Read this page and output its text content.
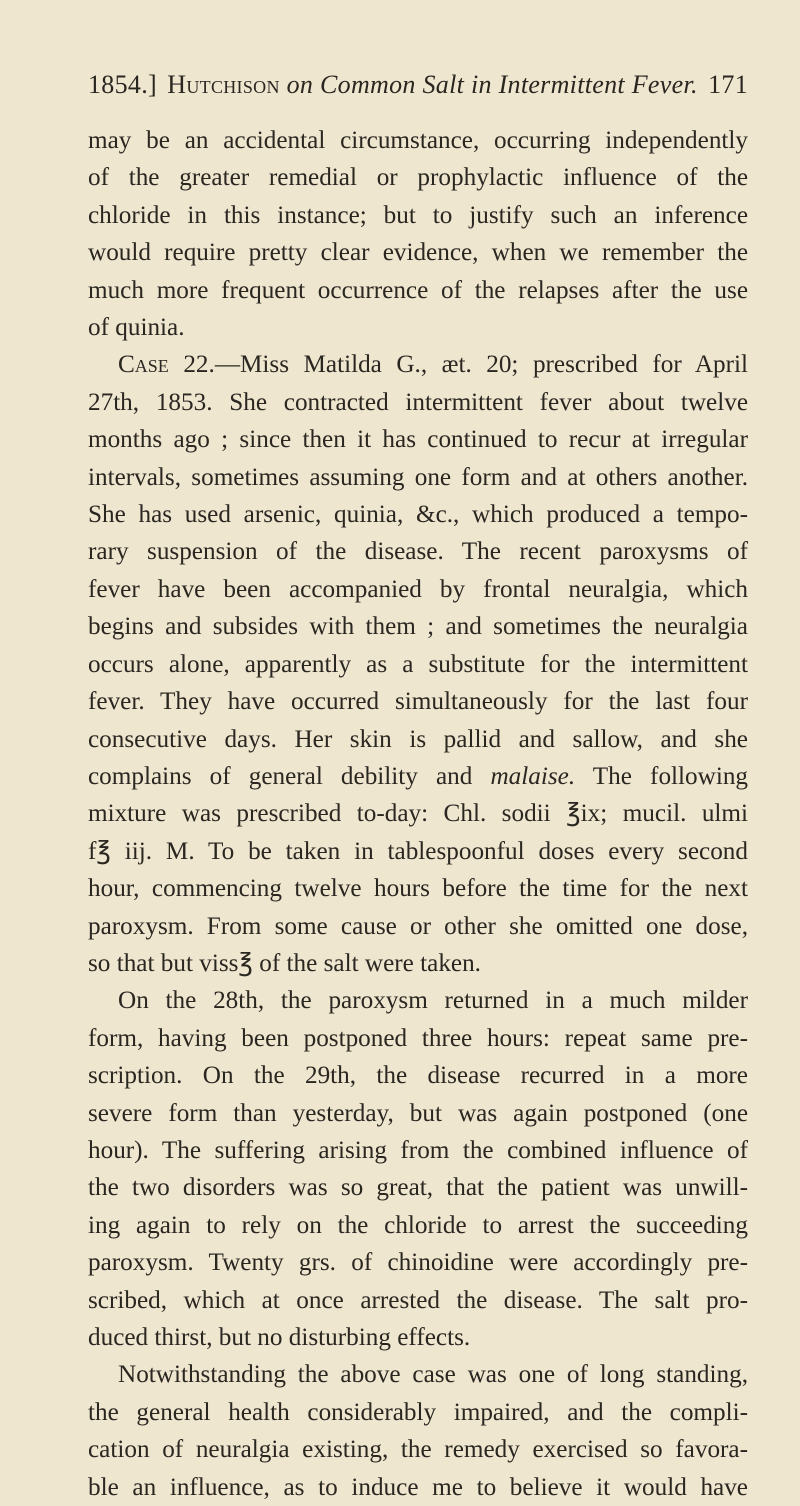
1854.] Hutchison on Common Salt in Intermittent Fever. 171
may be an accidental circumstance, occurring independently
of the greater remedial or prophylactic influence of the
chloride in this instance; but to justify such an inference
would require pretty clear evidence, when we remember the
much more frequent occurrence of the relapses after the use
of quinia.
Case 22.—Miss Matilda G., æt. 20; prescribed for April
27th, 1853. She contracted intermittent fever about twelve
months ago ; since then it has continued to recur at irregular
intervals, sometimes assuming one form and at others another.
She has used arsenic, quinia, &c., which produced a tempo-
rary suspension of the disease. The recent paroxysms of
fever have been accompanied by frontal neuralgia, which
begins and subsides with them ; and sometimes the neuralgia
occurs alone, apparently as a substitute for the intermittent
fever. They have occurred simultaneously for the last four
consecutive days. Her skin is pallid and sallow, and she
complains of general debility and malaise. The following
mixture was prescribed to-day: Chl. sodii ℥ix; mucil. ulmi
f℥ iij. M. To be taken in tablespoonful doses every second
hour, commencing twelve hours before the time for the next
paroxysm. From some cause or other she omitted one dose,
so that but viss℥ of the salt were taken.
On the 28th, the paroxysm returned in a much milder
form, having been postponed three hours: repeat same pre-
scription. On the 29th, the disease recurred in a more
severe form than yesterday, but was again postponed (one
hour). The suffering arising from the combined influence of
the two disorders was so great, that the patient was unwill-
ing again to rely on the chloride to arrest the succeeding
paroxysm. Twenty grs. of chinoidine were accordingly pre-
scribed, which at once arrested the disease. The salt pro-
duced thirst, but no disturbing effects.
Notwithstanding the above case was one of long standing,
the general health considerably impaired, and the compli-
cation of neuralgia existing, the remedy exercised so favora-
ble an influence, as to induce me to believe it would have
